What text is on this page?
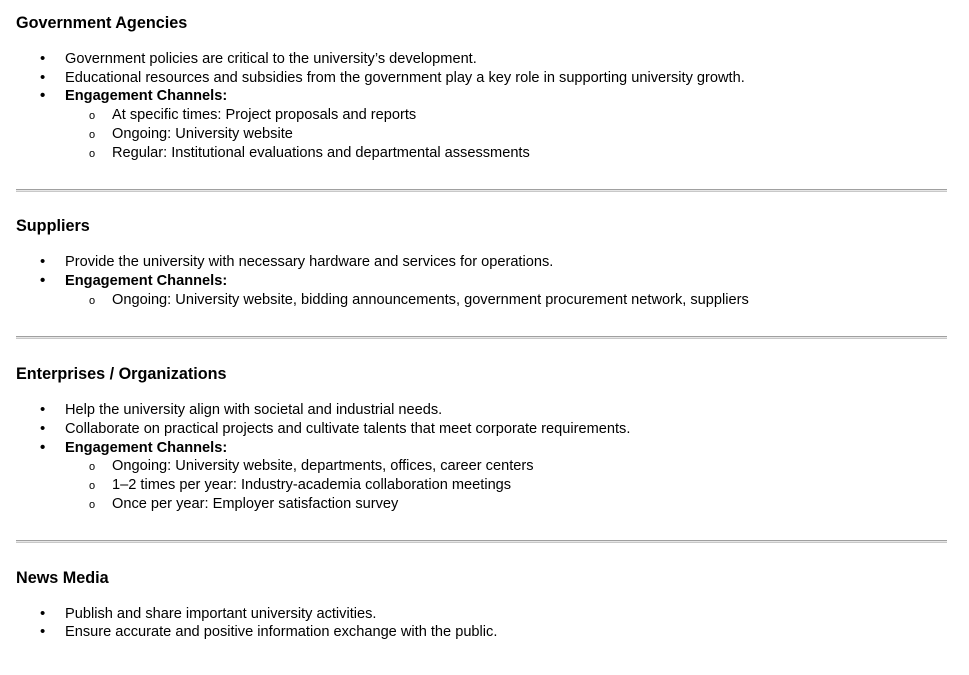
Government Agencies
• Government policies are critical to the university’s development.
• Educational resources and subsidies from the government play a key role in supporting university growth.
• Engagement Channels:
o At specific times: Project proposals and reports
o Ongoing: University website
o Regular: Institutional evaluations and departmental assessments
Suppliers
• Provide the university with necessary hardware and services for operations.
• Engagement Channels:
o Ongoing: University website, bidding announcements, government procurement network, suppliers
Enterprises / Organizations
• Help the university align with societal and industrial needs.
• Collaborate on practical projects and cultivate talents that meet corporate requirements.
• Engagement Channels:
o Ongoing: University website, departments, offices, career centers
o 1–2 times per year: Industry-academia collaboration meetings
o Once per year: Employer satisfaction survey
News Media
• Publish and share important university activities.
• Ensure accurate and positive information exchange with the public.
